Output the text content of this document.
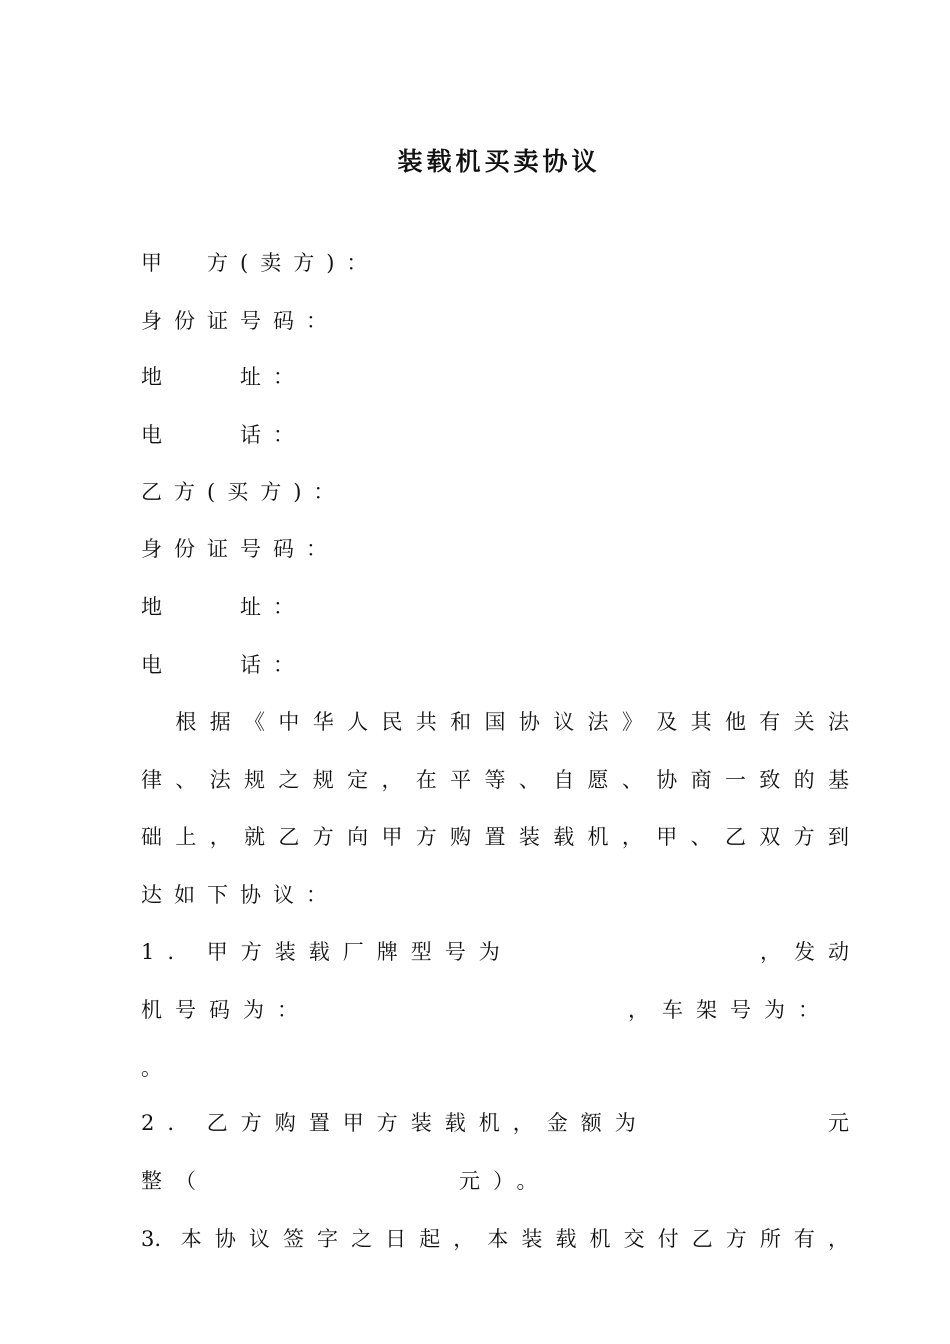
装载机买卖协议
甲　方(卖方)：
身份证号码：
地　　址：
电　　话：
乙方(买方)：
身份证号码：
地　　址：
电　　话：
　根据《中华人民共和国协议法》及其他有关法
律、法规之规定，在平等、自愿、协商一致的基
础上，就乙方向甲方购置装载机，甲、乙双方到
达如下协议：
1. 甲方装载厂牌型号为	，发动
机号码为：	，车架号为：
。
2. 乙方购置甲方装载机，金额为	元
整（	元）。
3. 本协议签字之日起，本装载机交付乙方所有，
